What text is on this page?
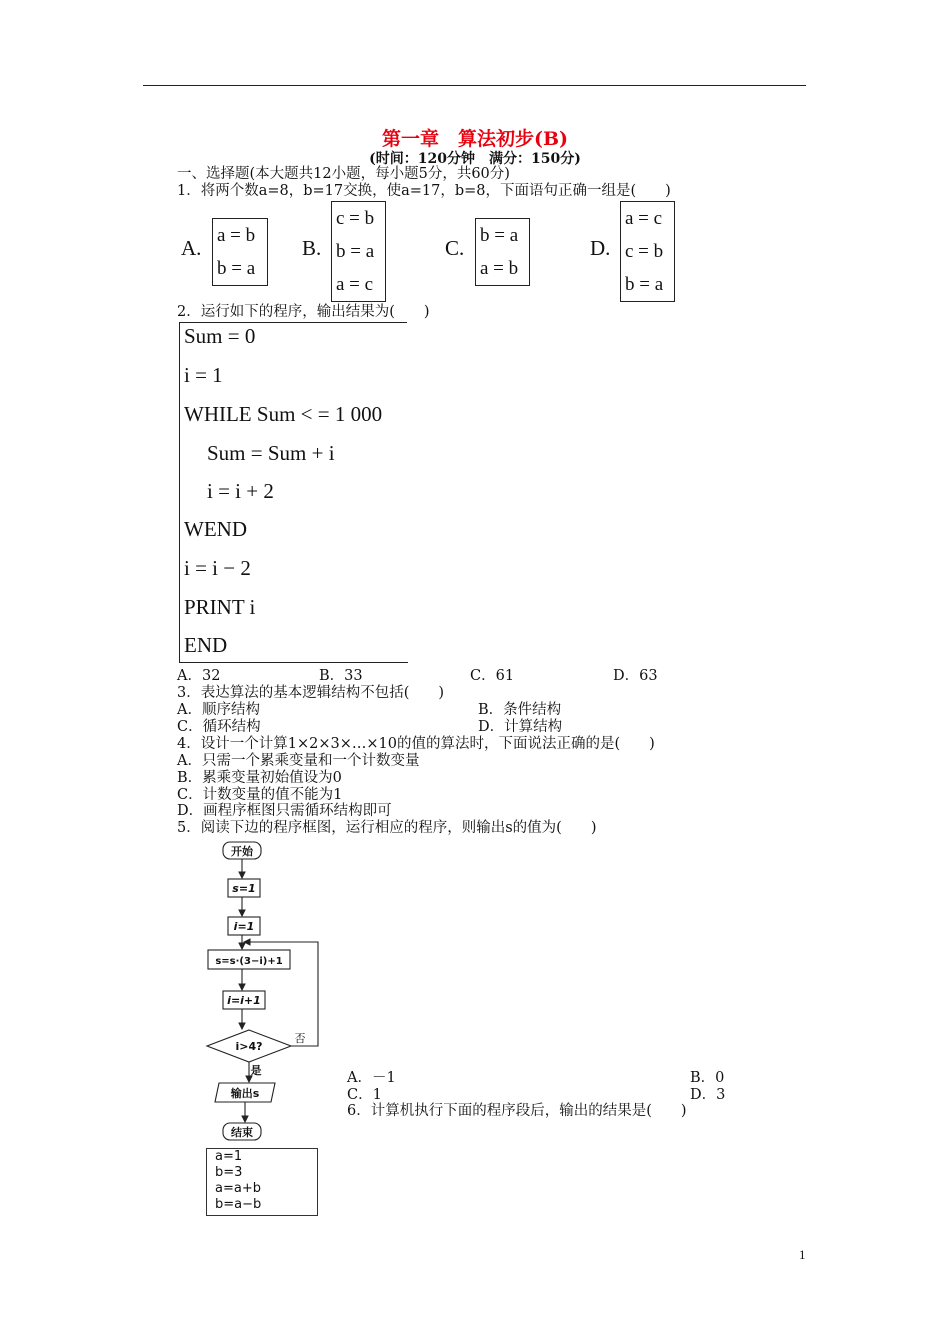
第一章　算法初步(B)
(时间：120分钟　满分：150分)
一、选择题(本大题共12小题，每小题5分，共60分)
1．将两个数a=8，b=17交换，使a=17，b=8，下面语句正确一组是(　　)
A.
a = b
b = a
B.
c = b
b = a
a = c
C.
b = a
a = b
D.
a = c
c = b
b = a
2．运行如下的程序，输出结果为(　　)
Sum = 0
i = 1
WHILE Sum < = 1 000
Sum = Sum + i
i = i + 2
WEND
i = i − 2
PRINT i
END
A．32	B．33	C．61	D．63
3．表达算法的基本逻辑结构不包括(　　)
A．顺序结构	B．条件结构
C．循环结构	D．计算结构
4．设计一个计算1×2×3×…×10的值的算法时，下面说法正确的是(　　)
A．只需一个累乘变量和一个计数变量
B．累乘变量初始值设为0
C．计数变量的值不能为1
D．画程序框图只需循环结构即可
5．阅读下边的程序框图，运行相应的程序，则输出s的值为(　　)
开始
s=1
i=1
s=s·(3−i)+1
i=i+1
i>4?
否
是
输出s
结束
A．－1	B．0
C．1	D．3
6．计算机执行下面的程序段后，输出的结果是(　　)
a=1
b=3
a=a+b
b=a−b
1
